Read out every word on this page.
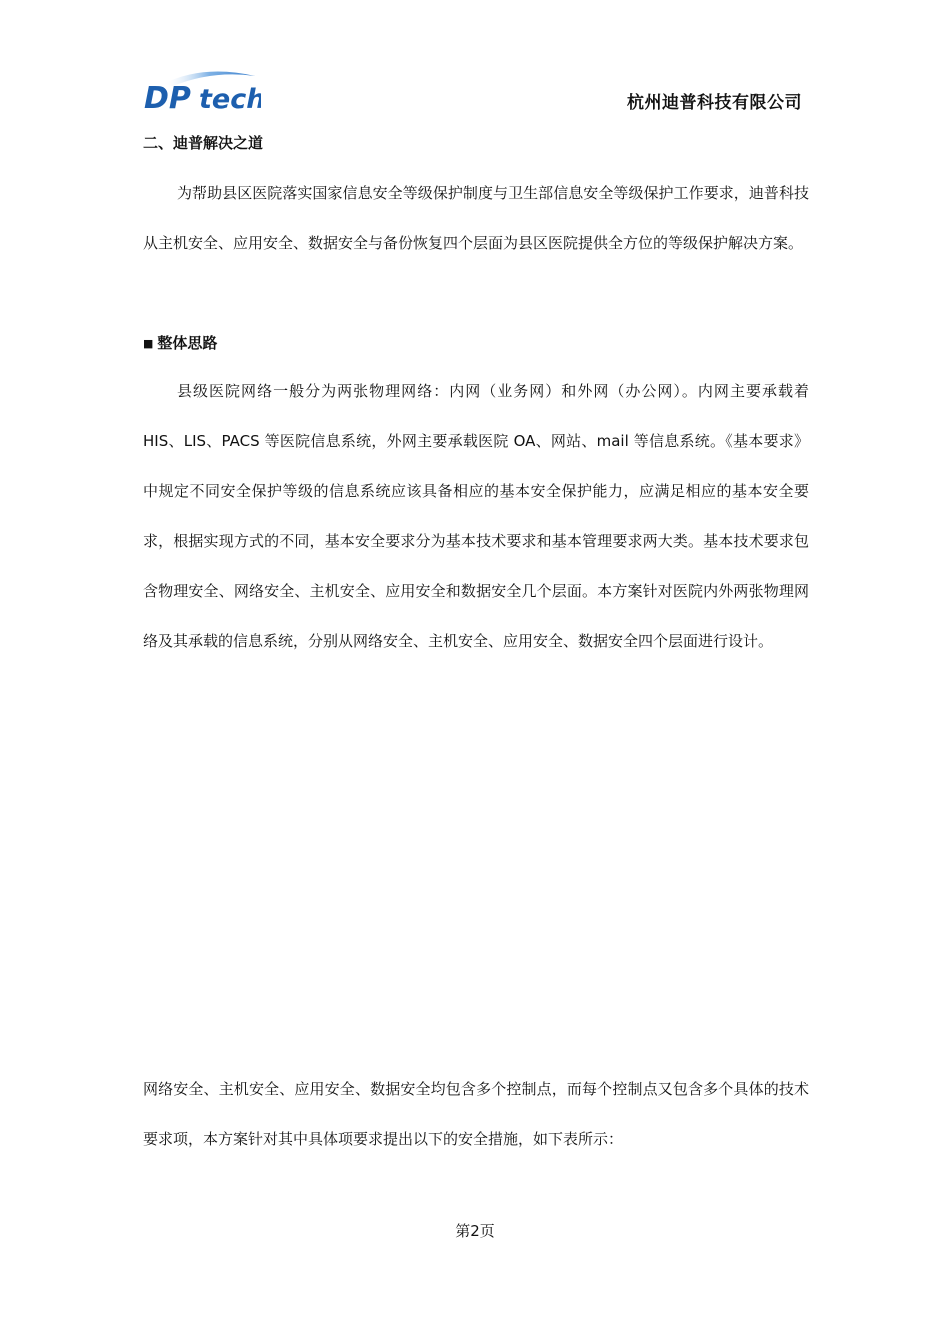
DP tech	杭州迪普科技有限公司
二、迪普解决之道
为帮助县区医院落实国家信息安全等级保护制度与卫生部信息安全等级保护工作要求，迪普科技从主机安全、应用安全、数据安全与备份恢复四个层面为县区医院提供全方位的等级保护解决方案。
■ 整体思路
县级医院网络一般分为两张物理网络：内网（业务网）和外网（办公网）。内网主要承载着 HIS、LIS、PACS 等医院信息系统，外网主要承载医院 OA、网站、mail 等信息系统。《基本要求》中规定不同安全保护等级的信息系统应该具备相应的基本安全保护能力，应满足相应的基本安全要求，根据实现方式的不同，基本安全要求分为基本技术要求和基本管理要求两大类。基本技术要求包含物理安全、网络安全、主机安全、应用安全和数据安全几个层面。本方案针对医院内外两张物理网络及其承载的信息系统，分别从网络安全、主机安全、应用安全、数据安全四个层面进行设计。
网络安全、主机安全、应用安全、数据安全均包含多个控制点，而每个控制点又包含多个具体的技术要求项，本方案针对其中具体项要求提出以下的安全措施，如下表所示：
第2页
